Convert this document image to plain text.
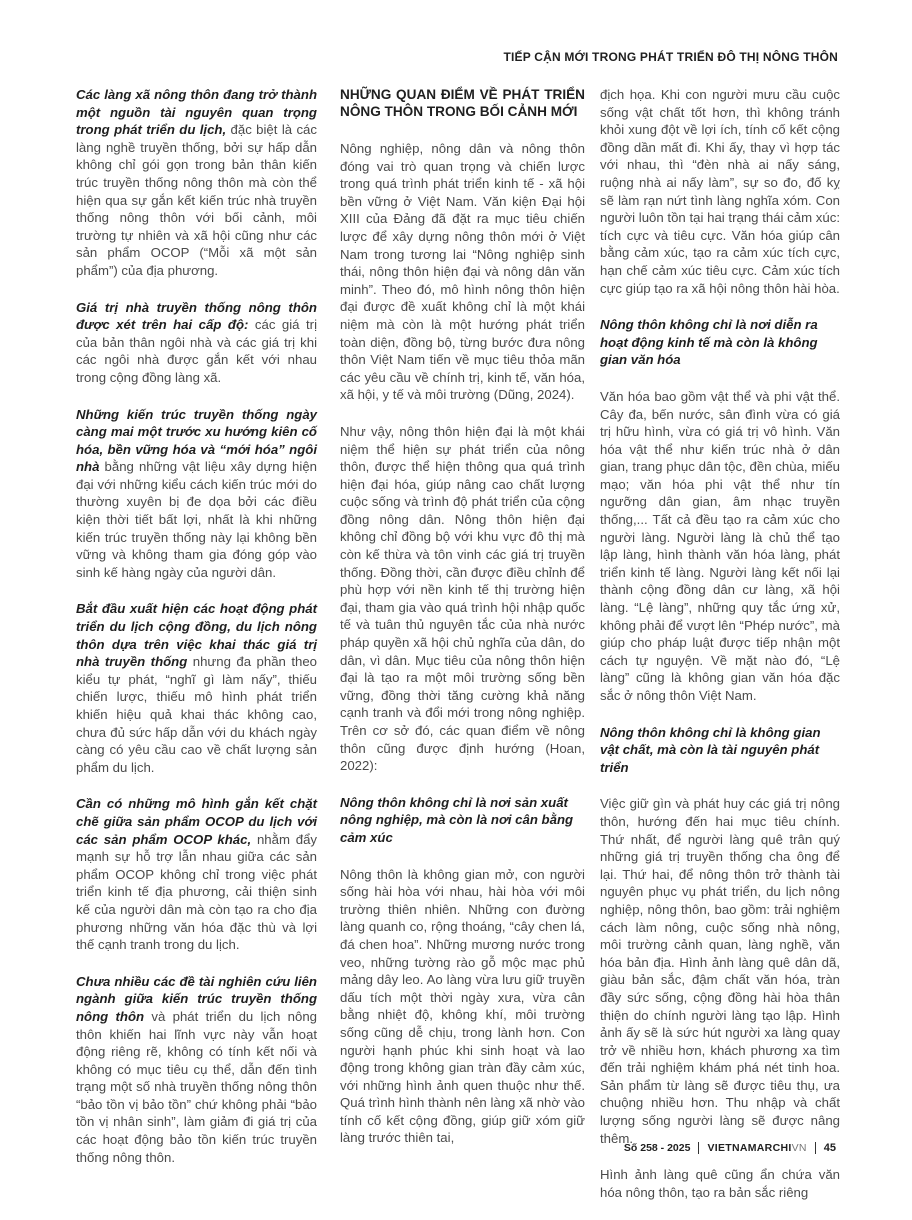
TIẾP CẬN MỚI TRONG PHÁT TRIỂN ĐÔ THỊ NÔNG THÔN

Các làng xã nông thôn đang trở thành một nguồn tài nguyên quan trọng trong phát triển du lịch, đặc biệt là các làng nghề truyền thống, bởi sự hấp dẫn không chỉ gói gọn trong bản thân kiến trúc truyền thống nông thôn mà còn thể hiện qua sự gắn kết kiến trúc nhà truyền thống nông thôn với bối cảnh, môi trường tự nhiên và xã hội cũng như các sản phẩm OCOP (“Mỗi xã một sản phẩm”) của địa phương.

Giá trị nhà truyền thống nông thôn được xét trên hai cấp độ: các giá trị của bản thân ngôi nhà và các giá trị khi các ngôi nhà được gắn kết với nhau trong cộng đồng làng xã.

Những kiến trúc truyền thống ngày càng mai một trước xu hướng kiên cố hóa, bền vững hóa và “mới hóa” ngôi nhà bằng những vật liệu xây dựng hiện đại với những kiểu cách kiến trúc mới do thường xuyên bị đe dọa bởi các điều kiện thời tiết bất lợi, nhất là khi những kiến trúc truyền thống này lại không bền vững và không tham gia đóng góp vào sinh kế hàng ngày của người dân.

Bắt đầu xuất hiện các hoạt động phát triển du lịch cộng đồng, du lịch nông thôn dựa trên việc khai thác giá trị nhà truyền thống nhưng đa phần theo kiểu tự phát, “nghĩ gì làm nấy”, thiếu chiến lược, thiếu mô hình phát triển khiến hiệu quả khai thác không cao, chưa đủ sức hấp dẫn với du khách ngày càng có yêu cầu cao về chất lượng sản phẩm du lịch.

Cần có những mô hình gắn kết chặt chẽ giữa sản phẩm OCOP du lịch với các sản phẩm OCOP khác, nhằm đẩy mạnh sự hỗ trợ lẫn nhau giữa các sản phẩm OCOP không chỉ trong việc phát triển kinh tế địa phương, cải thiện sinh kế của người dân mà còn tạo ra cho địa phương những văn hóa đặc thù và lợi thế cạnh tranh trong du lịch.

Chưa nhiều các đề tài nghiên cứu liên ngành giữa kiến trúc truyền thống nông thôn và phát triển du lịch nông thôn khiến hai lĩnh vực này vẫn hoạt động riêng rẽ, không có tính kết nối và không có mục tiêu cụ thể, dẫn đến tình trạng một số nhà truyền thống nông thôn “bảo tồn vị bảo tồn” chứ không phải “bảo tồn vị nhân sinh”, làm giảm đi giá trị của các hoạt động bảo tồn kiến trúc truyền thống nông thôn.

NHỮNG QUAN ĐIỂM VỀ PHÁT TRIỂN NÔNG THÔN TRONG BỐI CẢNH MỚI

Nông nghiệp, nông dân và nông thôn đóng vai trò quan trọng và chiến lược trong quá trình phát triển kinh tế - xã hội bền vững ở Việt Nam. Văn kiện Đại hội XIII của Đảng đã đặt ra mục tiêu chiến lược để xây dựng nông thôn mới ở Việt Nam trong tương lai “Nông nghiệp sinh thái, nông thôn hiện đại và nông dân văn minh”. Theo đó, mô hình nông thôn hiện đại được đề xuất không chỉ là một khái niệm mà còn là một hướng phát triển toàn diện, đồng bộ, từng bước đưa nông thôn Việt Nam tiến về mục tiêu thỏa mãn các yêu cầu về chính trị, kinh tế, văn hóa, xã hội, y tế và môi trường (Dũng, 2024).

Như vậy, nông thôn hiện đại là một khái niệm thể hiện sự phát triển của nông thôn, được thể hiện thông qua quá trình hiện đại hóa, giúp nâng cao chất lượng cuộc sống và trình độ phát triển của cộng đồng nông dân. Nông thôn hiện đại không chỉ đồng bộ với khu vực đô thị mà còn kế thừa và tôn vinh các giá trị truyền thống. Đồng thời, cần được điều chỉnh để phù hợp với nền kinh tế thị trường hiện đại, tham gia vào quá trình hội nhập quốc tế và tuân thủ nguyên tắc của nhà nước pháp quyền xã hội chủ nghĩa của dân, do dân, vì dân. Mục tiêu của nông thôn hiện đại là tạo ra một môi trường sống bền vững, đồng thời tăng cường khả năng cạnh tranh và đổi mới trong nông nghiệp. Trên cơ sở đó, các quan điểm về nông thôn cũng được định hướng (Hoan, 2022):

Nông thôn không chỉ là nơi sản xuất nông nghiệp, mà còn là nơi cân bằng cảm xúc

Nông thôn là không gian mở, con người sống hài hòa với nhau, hài hòa với môi trường thiên nhiên. Những con đường làng quanh co, rộng thoáng, “cây chen lá, đá chen hoa”. Những mương nước trong veo, những tường rào gỗ mộc mạc phủ mảng dây leo. Ao làng vừa lưu giữ truyền dấu tích một thời ngày xưa, vừa cân bằng nhiệt độ, không khí, môi trường sống cũng dễ chịu, trong lành hơn. Con người hạnh phúc khi sinh hoạt và lao động trong không gian tràn đầy cảm xúc, với những hình ảnh quen thuộc như thế. Quá trình hình thành nên làng xã nhờ vào tính cố kết cộng đồng, giúp giữ xóm giữ làng trước thiên tai,

địch họa. Khi con người mưu cầu cuộc sống vật chất tốt hơn, thì không tránh khỏi xung đột về lợi ích, tính cố kết cộng đồng dần mất đi. Khi ấy, thay vì hợp tác với nhau, thì “đèn nhà ai nấy sáng, ruộng nhà ai nấy làm”, sự so đo, đố kỵ sẽ làm rạn nứt tình làng nghĩa xóm. Con người luôn tồn tại hai trạng thái cảm xúc: tích cực và tiêu cực. Văn hóa giúp cân bằng cảm xúc, tạo ra cảm xúc tích cực, hạn chế cảm xúc tiêu cực. Cảm xúc tích cực giúp tạo ra xã hội nông thôn hài hòa.

Nông thôn không chỉ là nơi diễn ra hoạt động kinh tế mà còn là không gian văn hóa

Văn hóa bao gồm vật thể và phi vật thể. Cây đa, bến nước, sân đình vừa có giá trị hữu hình, vừa có giá trị vô hình. Văn hóa vật thể như kiến trúc nhà ở dân gian, trang phục dân tộc, đền chùa, miếu mạo; văn hóa phi vật thể như tín ngưỡng dân gian, âm nhạc truyền thống,... Tất cả đều tạo ra cảm xúc cho người làng. Người làng là chủ thể tạo lập làng, hình thành văn hóa làng, phát triển kinh tế làng. Người làng kết nối lại thành cộng đồng dân cư làng, xã hội làng. “Lệ làng”, những quy tắc ứng xử, không phải để vượt lên “Phép nước”, mà giúp cho pháp luật được tiếp nhận một cách tự nguyện. Về mặt nào đó, “Lệ làng” cũng là không gian văn hóa đặc sắc ở nông thôn Việt Nam.

Nông thôn không chỉ là không gian vật chất, mà còn là tài nguyên phát triển

Việc giữ gìn và phát huy các giá trị nông thôn, hướng đến hai mục tiêu chính. Thứ nhất, để người làng quê trân quý những giá trị truyền thống cha ông để lại. Thứ hai, để nông thôn trở thành tài nguyên phục vụ phát triển, du lịch nông nghiệp, nông thôn, bao gồm: trải nghiệm cách làm nông, cuộc sống nhà nông, môi trường cảnh quan, làng nghề, văn hóa bản địa. Hình ảnh làng quê dân dã, giàu bản sắc, đậm chất văn hóa, tràn đầy sức sống, cộng đồng hài hòa thân thiện do chính người làng tạo lập. Hình ảnh ấy sẽ là sức hút người xa làng quay trở về nhiều hơn, khách phương xa tìm đến trải nghiệm khám phá nét tinh hoa. Sản phẩm từ làng sẽ được tiêu thụ, ưa chuộng nhiều hơn. Thu nhập và chất lượng sống người làng sẽ được nâng thêm.

Hình ảnh làng quê cũng ẩn chứa văn hóa nông thôn, tạo ra bản sắc riêng

Số 258 - 2025 VIETNAMARCHIVN 45
